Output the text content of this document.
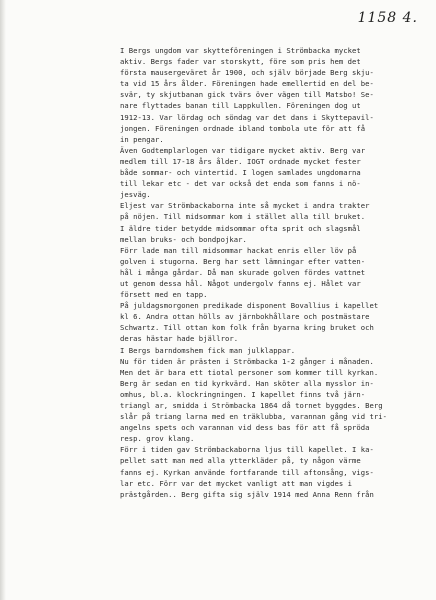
1158 4.
I Bergs ungdom var skytteföreningen i Strömbacka mycket
aktiv. Bergs fader var storskytt, före som pris hem det
första mausergeväret år 1900, och själv började Berg skju-
ta vid 15 års ålder. Föreningen hade emellertid en del be-
svär, ty skjutbanan gick tvärs över vägen till Matsbo! Se-
nare flyttades banan till Lappkullen. Föreningen dog ut
1912-13. Var lördag och söndag var det dans i Skyttepavil-
jongen. Föreningen ordnade ibland tombola ute för att få
in pengar.
Även Godtemplarlogen var tidigare mycket aktiv. Berg var
medlem till 17-18 års ålder. IOGT ordnade mycket fester
både sommar- och vintertid. I logen samlades ungdomarna
till lekar etc - det var också det enda som fanns i nö-
jesväg.
Eljest var Strömbackaborna inte så mycket i andra trakter
på nöjen. Till midsommar kom i stället alla till bruket.
I äldre tider betydde midsommar ofta sprit och slagsmål
mellan bruks- och bondpojkar.
Förr lade man till midsommar hackat enris eller löv på
golven i stugorna. Berg har sett lämningar efter vatten-
hål i många gårdar. Då man skurade golven fördes vattnet
ut genom dessa hål. Något undergolv fanns ej. Hålet var
försett med en tapp.
På juldagsmorgonen predikade disponent Bovallius i kapellet
kl 6. Andra ottan hölls av järnbokhållare och postmästare
Schwartz. Till ottan kom folk från byarna kring bruket och
deras hästar hade bjällror.
I Bergs barndomshem fick man julklappar.
Nu för tiden är prästen i Strömbacka 1-2 gånger i månaden.
Men det är bara ett tiotal personer som kommer till kyrkan.
Berg är sedan en tid kyrkvärd. Han sköter alla mysslor in-
omhus, bl.a. klockringningen. I kapellet finns två järn-
triangl ar, smidda i Strömbacka 1864 då tornet byggdes. Berg
slår på triang larna med en träklubba, varannan gång vid tri-
angelns spets och varannan vid dess bas för att få spröda
resp. grov klang.
Förr i tiden gav Strömbackaborna ljus till kapellet. I ka-
pellet satt man med alla ytterkläder på, ty någon värme
fanns ej. Kyrkan använde fortfarande till aftonsång, vigs-
lar etc. Förr var det mycket vanligt att man vigdes i
prästgården.. Berg gifta sig själv 1914 med Anna Renn från
